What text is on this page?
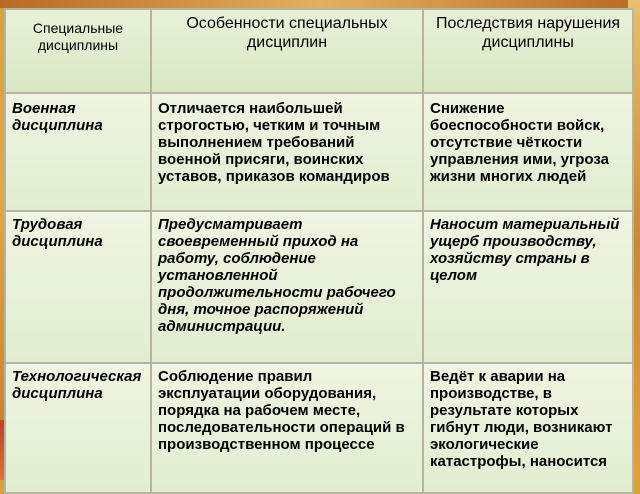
Специальные дисциплины	Особенности специальных дисциплин	Последствия нарушения дисциплины
Военная дисциплина	Отличается наибольшей строгостью, четким и точным выполнением требований военной присяги, воинских уставов, приказов командиров	Снижение боеспособности войск, отсутствие чёткости управления ими, угроза жизни многих людей
Трудовая дисциплина	Предусматривает своевременный приход на работу, соблюдение установленной продолжительности рабочего дня, точное распоряжений администрации.	Наносит материальный ущерб производству, хозяйству страны в целом
Технологическая дисциплина	Соблюдение правил эксплуатации оборудования, порядка на рабочем месте, последовательности операций в производственном процессе	Ведёт к аварии на производстве, в результате которых гибнут люди, возникают экологические катастрофы, наносится
